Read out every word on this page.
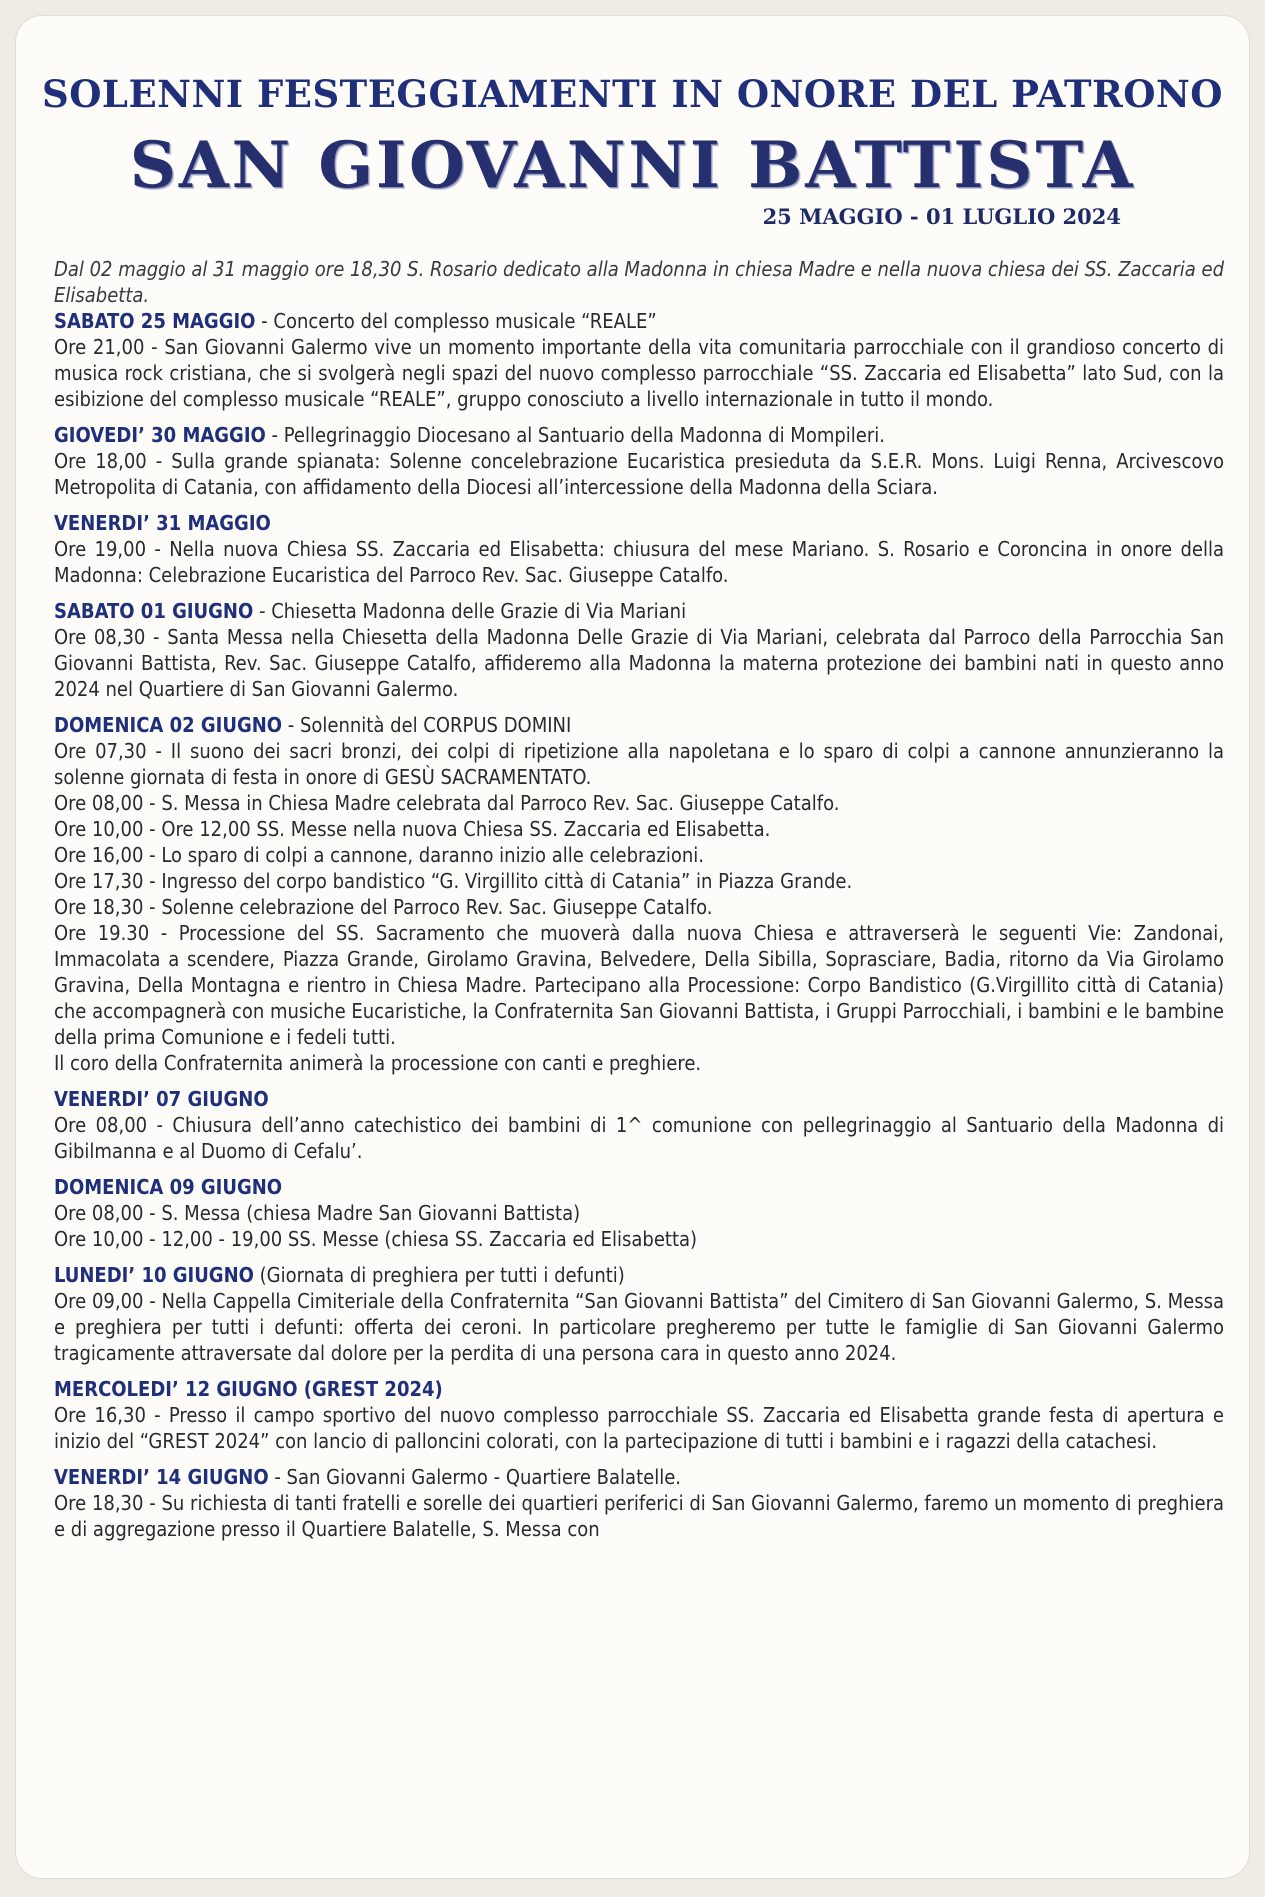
SOLENNI FESTEGGIAMENTI IN ONORE DEL PATRONO
SAN GIOVANNI BATTISTA
25 MAGGIO - 01 LUGLIO 2024

Dal 02 maggio al 31 maggio ore 18,30 S. Rosario dedicato alla Madonna in chiesa Madre e nella nuova chiesa dei SS. Zaccaria ed Elisabetta.

SABATO 25 MAGGIO - Concerto del complesso musicale “REALE”

Ore 21,00 - San Giovanni Galermo vive un momento importante della vita comunitaria parrocchiale con il grandioso concerto di musica rock cristiana, che si svolgerà negli spazi del nuovo complesso parrocchiale “SS. Zaccaria ed Elisabetta” lato Sud, con la esibizione del complesso musicale “REALE”, gruppo conosciuto a livello internazionale in tutto il mondo.

GIOVEDI’ 30 MAGGIO - Pellegrinaggio Diocesano al Santuario della Madonna di Mompileri.

Ore 18,00 - Sulla grande spianata: Solenne concelebrazione Eucaristica presieduta da S.E.R. Mons. Luigi Renna, Arcivescovo Metropolita di Catania, con affidamento della Diocesi all’intercessione della Madonna della Sciara.

VENERDI’ 31 MAGGIO

Ore 19,00 - Nella nuova Chiesa SS. Zaccaria ed Elisabetta: chiusura del mese Mariano. S. Rosario e Coroncina in onore della Madonna: Celebrazione Eucaristica del Parroco Rev. Sac. Giuseppe Catalfo.

SABATO 01 GIUGNO - Chiesetta Madonna delle Grazie di Via Mariani

Ore 08,30 - Santa Messa nella Chiesetta della Madonna Delle Grazie di Via Mariani, celebrata dal Parroco della Parrocchia San Giovanni Battista, Rev. Sac. Giuseppe Catalfo, affideremo alla Madonna la materna protezione dei bambini nati in questo anno 2024 nel Quartiere di San Giovanni Galermo.

DOMENICA 02 GIUGNO - Solennità del CORPUS DOMINI

Ore 07,30 - Il suono dei sacri bronzi, dei colpi di ripetizione alla napoletana e lo sparo di colpi a cannone annunzieranno la solenne giornata di festa in onore di GESÙ SACRAMENTATO.

Ore 08,00 - S. Messa in Chiesa Madre celebrata dal Parroco Rev. Sac. Giuseppe Catalfo.

Ore 10,00 - Ore 12,00 SS. Messe nella nuova Chiesa SS. Zaccaria ed Elisabetta.

Ore 16,00 - Lo sparo di colpi a cannone, daranno inizio alle celebrazioni.

Ore 17,30 - Ingresso del corpo bandistico “G. Virgillito città di Catania” in Piazza Grande.

Ore 18,30 - Solenne celebrazione del Parroco Rev. Sac. Giuseppe Catalfo.

Ore 19.30 - Processione del SS. Sacramento che muoverà dalla nuova Chiesa e attraverserà le seguenti Vie: Zandonai, Immacolata a scendere, Piazza Grande, Girolamo Gravina, Belvedere, Della Sibilla, Soprasciare, Badia, ritorno da Via Girolamo Gravina, Della Montagna e rientro in Chiesa Madre. Partecipano alla Processione: Corpo Bandistico (G.Virgillito città di Catania) che accompagnerà con musiche Eucaristiche, la Confraternita San Giovanni Battista, i Gruppi Parrocchiali, i bambini e le bambine della prima Comunione e i fedeli tutti.

Il coro della Confraternita animerà la processione con canti e preghiere.

VENERDI’ 07 GIUGNO

Ore 08,00 - Chiusura dell’anno catechistico dei bambini di 1^ comunione con pellegrinaggio al Santuario della Madonna di Gibilmanna e al Duomo di Cefalu’.

DOMENICA 09 GIUGNO

Ore 08,00 - S. Messa (chiesa Madre San Giovanni Battista)

Ore 10,00 - 12,00 - 19,00 SS. Messe (chiesa SS. Zaccaria ed Elisabetta)

LUNEDI’ 10 GIUGNO (Giornata di preghiera per tutti i defunti)

Ore 09,00 - Nella Cappella Cimiteriale della Confraternita “San Giovanni Battista” del Cimitero di San Giovanni Galermo, S. Messa e preghiera per tutti i defunti: offerta dei ceroni. In particolare pregheremo per tutte le famiglie di San Giovanni Galermo tragicamente attraversate dal dolore per la perdita di una persona cara in questo anno 2024.

MERCOLEDI’ 12 GIUGNO (GREST 2024)

Ore 16,30 - Presso il campo sportivo del nuovo complesso parrocchiale SS. Zaccaria ed Elisabetta grande festa di apertura e inizio del “GREST 2024” con lancio di palloncini colorati, con la partecipazione di tutti i bambini e i ragazzi della catachesi.

VENERDI’ 14 GIUGNO - San Giovanni Galermo - Quartiere Balatelle.

Ore 18,30 - Su richiesta di tanti fratelli e sorelle dei quartieri periferici di San Giovanni Galermo, faremo un momento di preghiera e di aggregazione presso il Quartiere Balatelle, S. Messa con
